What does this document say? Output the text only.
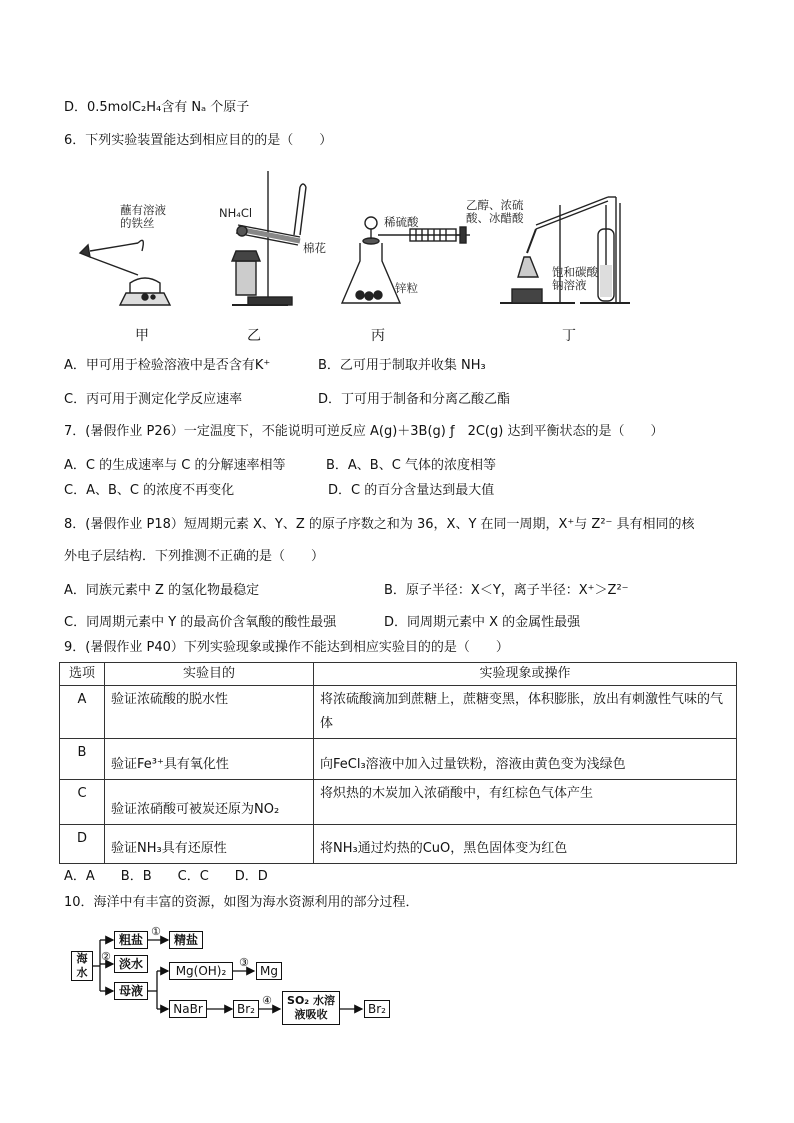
D．0.5molC₂H₄含有 Nₐ 个原子
6．下列实验装置能达到相应目的的是（　　）
蘸有溶液
的铁丝
NH₄Cl
棉花
稀硫酸
锌粒
乙醇、浓硫
酸、冰醋酸
饱和碳酸
钠溶液
甲	乙	丙	丁
A．甲可用于检验溶液中是否含有K⁺	B．乙可用于制取并收集 NH₃
C．丙可用于测定化学反应速率	D．丁可用于制备和分离乙酸乙酯
7．(暑假作业 P26）一定温度下，不能说明可逆反应 A(g)＋3B(g) ƒ　2C(g) 达到平衡状态的是（　　）
A．C 的生成速率与 C 的分解速率相等	B．A、B、C 气体的浓度相等
C．A、B、C 的浓度不再变化	D．C 的百分含量达到最大值
8．(暑假作业 P18）短周期元素 X、Y、Z 的原子序数之和为 36，X、Y 在同一周期，X⁺与 Z²⁻ 具有相同的核
外电子层结构．下列推测不正确的是（　　）
A．同族元素中 Z 的氢化物最稳定	B．原子半径：X＜Y，离子半径：X⁺＞Z²⁻
C．同周期元素中 Y 的最高价含氧酸的酸性最强	D．同周期元素中 X 的金属性最强
9．(暑假作业 P40）下列实验现象或操作不能达到相应实验目的的是（　　）
选项	实验目的	实验现象或操作
A	验证浓硫酸的脱水性	将浓硫酸滴加到蔗糖上，蔗糖变黑，体积膨胀，放出有刺激性气味的气体
B	验证Fe³⁺具有氧化性	向FeCl₃溶液中加入过量铁粉，溶液由黄色变为浅绿色
C	验证浓硝酸可被炭还原为NO₂	将炽热的木炭加入浓硝酸中，有红棕色气体产生
D	验证NH₃具有还原性	将NH₃通过灼热的CuO，黑色固体变为红色
A．A　　B．B　　C．C　　D．D
10．海洋中有丰富的资源，如图为海水资源利用的部分过程．
海
水
粗盐	精盐
淡水
母液
Mg(OH)₂	Mg
NaBr	Br₂
SO₂ 水溶
液吸收	Br₂
①
②	③
④
